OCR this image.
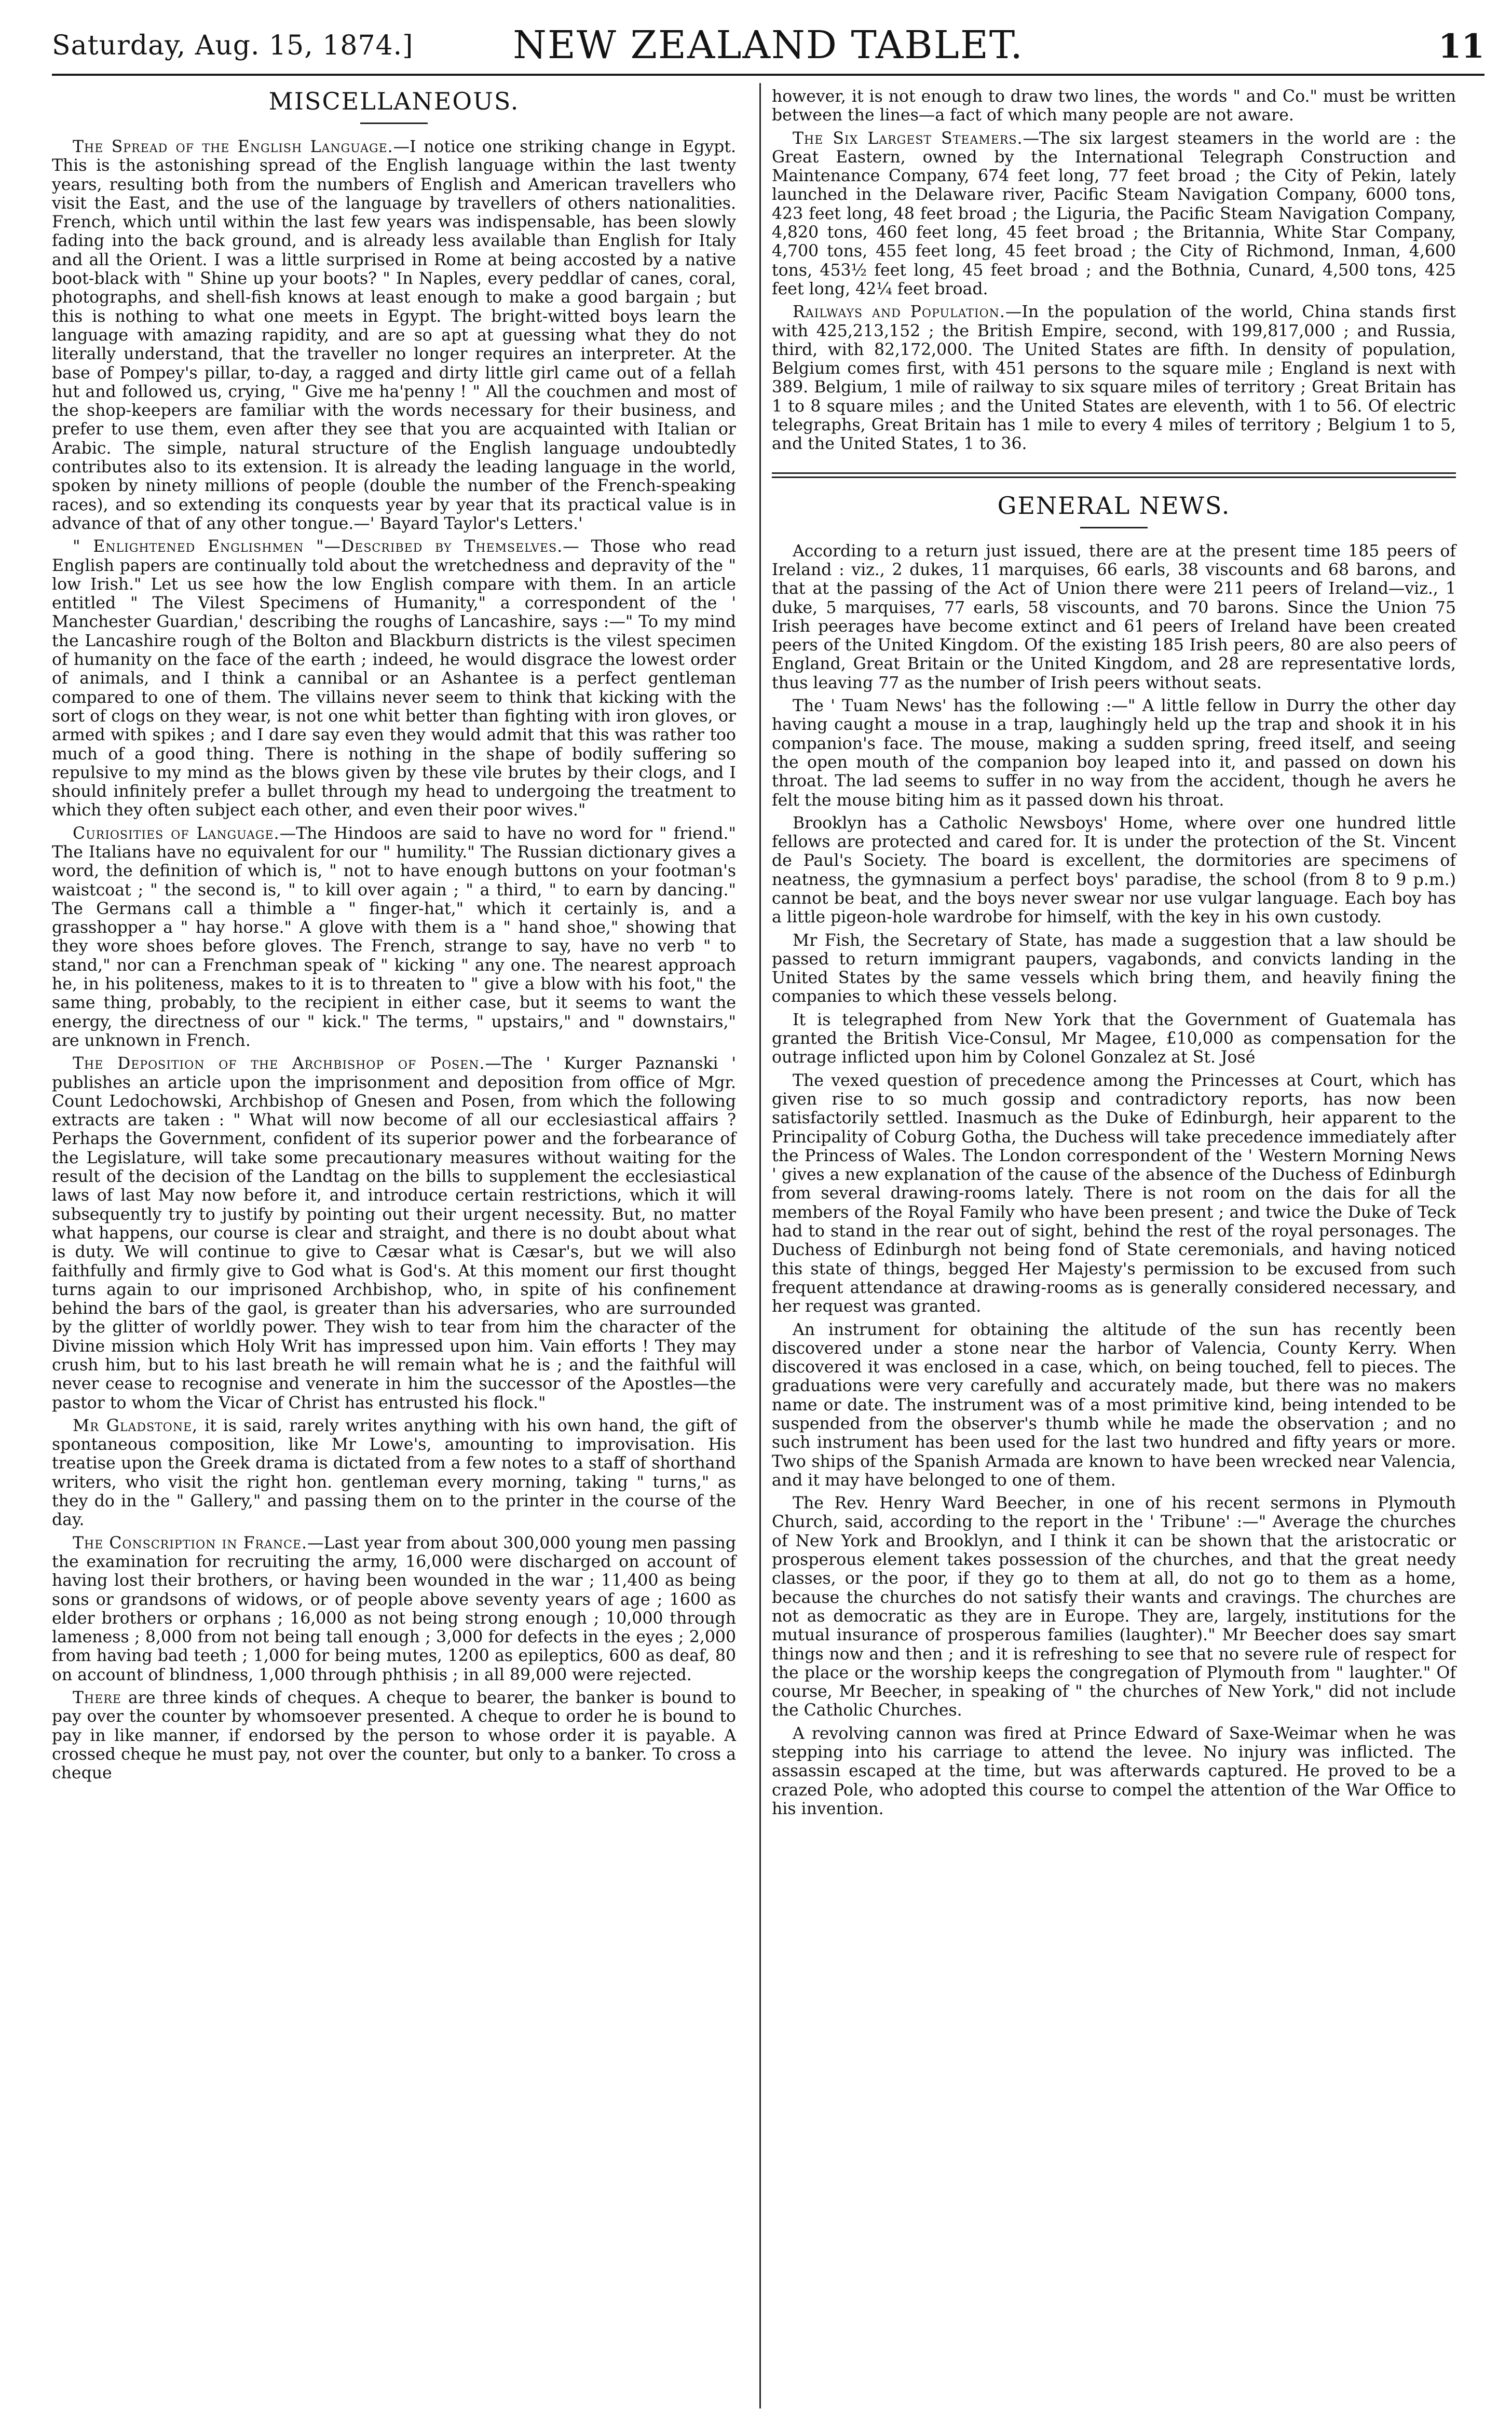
Saturday, Aug. 15, 1874.]	NEW ZEALAND TABLET.	11
MISCELLANEOUS.

The Spread of the English Language.—I notice one striking change in Egypt. This is the astonishing spread of the English language within the last twenty years, resulting both from the numbers of English and American travellers who visit the East, and the use of the language by travellers of others nationalities. French, which until within the last few years was indispensable, has been slowly fading into the back ground, and is already less available than English for Italy and all the Orient. I was a little surprised in Rome at being accosted by a native boot-black with " Shine up your boots? " In Naples, every peddlar of canes, coral, photographs, and shell-fish knows at least enough to make a good bargain ; but this is nothing to what one meets in Egypt. The bright-witted boys learn the language with amazing rapidity, and are so apt at guessing what they do not literally understand, that the traveller no longer requires an interpreter. At the base of Pompey's pillar, to-day, a ragged and dirty little girl came out of a fellah hut and followed us, crying, " Give me ha'penny ! " All the couchmen and most of the shop-keepers are familiar with the words necessary for their business, and prefer to use them, even after they see that you are acquainted with Italian or Arabic. The simple, natural structure of the English language undoubtedly contributes also to its extension. It is already the leading language in the world, spoken by ninety millions of people (double the number of the French-speaking races), and so extending its conquests year by year that its practical value is in advance of that of any other tongue.—' Bayard Taylor's Letters.'

" Enlightened Englishmen "—Described by Themselves.— Those who read English papers are continually told about the wretchedness and depravity of the " low Irish." Let us see how the low English compare with them. In an article entitled " The Vilest Specimens of Humanity," a correspondent of the ' Manchester Guardian,' describing the roughs of Lancashire, says :—" To my mind the Lancashire rough of the Bolton and Blackburn districts is the vilest specimen of humanity on the face of the earth ; indeed, he would disgrace the lowest order of animals, and I think a cannibal or an Ashantee is a perfect gentleman compared to one of them. The villains never seem to think that kicking with the sort of clogs on they wear, is not one whit better than fighting with iron gloves, or armed with spikes ; and I dare say even they would admit that this was rather too much of a good thing. There is nothing in the shape of bodily suffering so repulsive to my mind as the blows given by these vile brutes by their clogs, and I should infinitely prefer a bullet through my head to undergoing the treatment to which they often subject each other, and even their poor wives."

Curiosities of Language.—The Hindoos are said to have no word for " friend." The Italians have no equivalent for our " humility." The Russian dictionary gives a word, the definition of which is, " not to have enough buttons on your footman's waistcoat ; " the second is, " to kill over again ; " a third, " to earn by dancing." The Germans call a thimble a " finger-hat," which it certainly is, and a grasshopper a " hay horse." A glove with them is a " hand shoe," showing that they wore shoes before gloves. The French, strange to say, have no verb " to stand," nor can a Frenchman speak of " kicking " any one. The nearest approach he, in his politeness, makes to it is to threaten to " give a blow with his foot," the same thing, probably, to the recipient in either case, but it seems to want the energy, the directness of our " kick." The terms, " upstairs," and " downstairs," are unknown in French.

The Deposition of the Archbishop of Posen.—The ' Kurger Paznanski ' publishes an article upon the imprisonment and deposition from office of Mgr. Count Ledochowski, Archbishop of Gnesen and Posen, from which the following extracts are taken : " What will now become of all our ecclesiastical affairs ? Perhaps the Government, confident of its superior power and the forbearance of the Legislature, will take some precautionary measures without waiting for the result of the decision of the Landtag on the bills to supplement the ecclesiastical laws of last May now before it, and introduce certain restrictions, which it will subsequently try to justify by pointing out their urgent necessity. But, no matter what happens, our course is clear and straight, and there is no doubt about what is duty. We will continue to give to Cæsar what is Cæsar's, but we will also faithfully and firmly give to God what is God's. At this moment our first thought turns again to our imprisoned Archbishop, who, in spite of his confinement behind the bars of the gaol, is greater than his adversaries, who are surrounded by the glitter of worldly power. They wish to tear from him the character of the Divine mission which Holy Writ has impressed upon him. Vain efforts ! They may crush him, but to his last breath he will remain what he is ; and the faithful will never cease to recognise and venerate in him the successor of the Apostles—the pastor to whom the Vicar of Christ has entrusted his flock."

Mr Gladstone, it is said, rarely writes anything with his own hand, the gift of spontaneous composition, like Mr Lowe's, amounting to improvisation. His treatise upon the Greek drama is dictated from a few notes to a staff of shorthand writers, who visit the right hon. gentleman every morning, taking " turns," as they do in the " Gallery," and passing them on to the printer in the course of the day.

The Conscription in France.—Last year from about 300,000 young men passing the examination for recruiting the army, 16,000 were discharged on account of having lost their brothers, or having been wounded in the war ; 11,400 as being sons or grandsons of widows, or of people above seventy years of age ; 1600 as elder brothers or orphans ; 16,000 as not being strong enough ; 10,000 through lameness ; 8,000 from not being tall enough ; 3,000 for defects in the eyes ; 2,000 from having bad teeth ; 1,000 for being mutes, 1200 as epileptics, 600 as deaf, 80 on account of blindness, 1,000 through phthisis ; in all 89,000 were rejected.

There are three kinds of cheques. A cheque to bearer, the banker is bound to pay over the counter by whomsoever presented. A cheque to order he is bound to pay in like manner, if endorsed by the person to whose order it is payable. A crossed cheque he must pay, not over the counter, but only to a banker. To cross a cheque

however, it is not enough to draw two lines, the words " and Co." must be written between the lines—a fact of which many people are not aware.

The Six Largest Steamers.—The six largest steamers in the world are : the Great Eastern, owned by the International Telegraph Construction and Maintenance Company, 674 feet long, 77 feet broad ; the City of Pekin, lately launched in the Delaware river, Pacific Steam Navigation Company, 6000 tons, 423 feet long, 48 feet broad ; the Liguria, the Pacific Steam Navigation Company, 4,820 tons, 460 feet long, 45 feet broad ; the Britannia, White Star Company, 4,700 tons, 455 feet long, 45 feet broad ; the City of Richmond, Inman, 4,600 tons, 453½ feet long, 45 feet broad ; and the Bothnia, Cunard, 4,500 tons, 425 feet long, 42¼ feet broad.

Railways and Population.—In the population of the world, China stands first with 425,213,152 ; the British Empire, second, with 199,817,000 ; and Russia, third, with 82,172,000. The United States are fifth. In density of population, Belgium comes first, with 451 persons to the square mile ; England is next with 389. Belgium, 1 mile of railway to six square miles of territory ; Great Britain has 1 to 8 square miles ; and the United States are eleventh, with 1 to 56. Of electric telegraphs, Great Britain has 1 mile to every 4 miles of territory ; Belgium 1 to 5, and the United States, 1 to 36.

GENERAL NEWS.

According to a return just issued, there are at the present time 185 peers of Ireland : viz., 2 dukes, 11 marquises, 66 earls, 38 viscounts and 68 barons, and that at the passing of the Act of Union there were 211 peers of Ireland—viz., 1 duke, 5 marquises, 77 earls, 58 viscounts, and 70 barons. Since the Union 75 Irish peerages have become extinct and 61 peers of Ireland have been created peers of the United Kingdom. Of the existing 185 Irish peers, 80 are also peers of England, Great Britain or the United Kingdom, and 28 are representative lords, thus leaving 77 as the number of Irish peers without seats.

The ' Tuam News' has the following :—" A little fellow in Durry the other day having caught a mouse in a trap, laughingly held up the trap and shook it in his companion's face. The mouse, making a sudden spring, freed itself, and seeing the open mouth of the companion boy leaped into it, and passed on down his throat. The lad seems to suffer in no way from the accident, though he avers he felt the mouse biting him as it passed down his throat.

Brooklyn has a Catholic Newsboys' Home, where over one hundred little fellows are protected and cared for. It is under the protection of the St. Vincent de Paul's Society. The board is excellent, the dormitories are specimens of neatness, the gymnasium a perfect boys' paradise, the school (from 8 to 9 p.m.) cannot be beat, and the boys never swear nor use vulgar language. Each boy has a little pigeon-hole wardrobe for himself, with the key in his own custody.

Mr Fish, the Secretary of State, has made a suggestion that a law should be passed to return immigrant paupers, vagabonds, and convicts landing in the United States by the same vessels which bring them, and heavily fining the companies to which these vessels belong.

It is telegraphed from New York that the Government of Guatemala has granted the British Vice-Consul, Mr Magee, £10,000 as compensation for the outrage inflicted upon him by Colonel Gonzalez at St. José

The vexed question of precedence among the Princesses at Court, which has given rise to so much gossip and contradictory reports, has now been satisfactorily settled. Inasmuch as the Duke of Edinburgh, heir apparent to the Principality of Coburg Gotha, the Duchess will take precedence immediately after the Princess of Wales. The London correspondent of the ' Western Morning News ' gives a new explanation of the cause of the absence of the Duchess of Edinburgh from several drawing-rooms lately. There is not room on the dais for all the members of the Royal Family who have been present ; and twice the Duke of Teck had to stand in the rear out of sight, behind the rest of the royal personages. The Duchess of Edinburgh not being fond of State ceremonials, and having noticed this state of things, begged Her Majesty's permission to be excused from such frequent attendance at drawing-rooms as is generally considered necessary, and her request was granted.

An instrument for obtaining the altitude of the sun has recently been discovered under a stone near the harbor of Valencia, County Kerry. When discovered it was enclosed in a case, which, on being touched, fell to pieces. The graduations were very carefully and accurately made, but there was no makers name or date. The instrument was of a most primitive kind, being intended to be suspended from the observer's thumb while he made the observation ; and no such instrument has been used for the last two hundred and fifty years or more. Two ships of the Spanish Armada are known to have been wrecked near Valencia, and it may have belonged to one of them.

The Rev. Henry Ward Beecher, in one of his recent sermons in Plymouth Church, said, according to the report in the ' Tribune' :—" Average the churches of New York and Brooklyn, and I think it can be shown that the aristocratic or prosperous element takes possession of the churches, and that the great needy classes, or the poor, if they go to them at all, do not go to them as a home, because the churches do not satisfy their wants and cravings. The churches are not as democratic as they are in Europe. They are, largely, institutions for the mutual insurance of prosperous families (laughter)." Mr Beecher does say smart things now and then ; and it is refreshing to see that no severe rule of respect for the place or the worship keeps the congregation of Plymouth from " laughter." Of course, Mr Beecher, in speaking of " the churches of New York," did not include the Catholic Churches.

A revolving cannon was fired at Prince Edward of Saxe-Weimar when he was stepping into his carriage to attend the levee. No injury was inflicted. The assassin escaped at the time, but was afterwards captured. He proved to be a crazed Pole, who adopted this course to compel the attention of the War Office to his invention.
